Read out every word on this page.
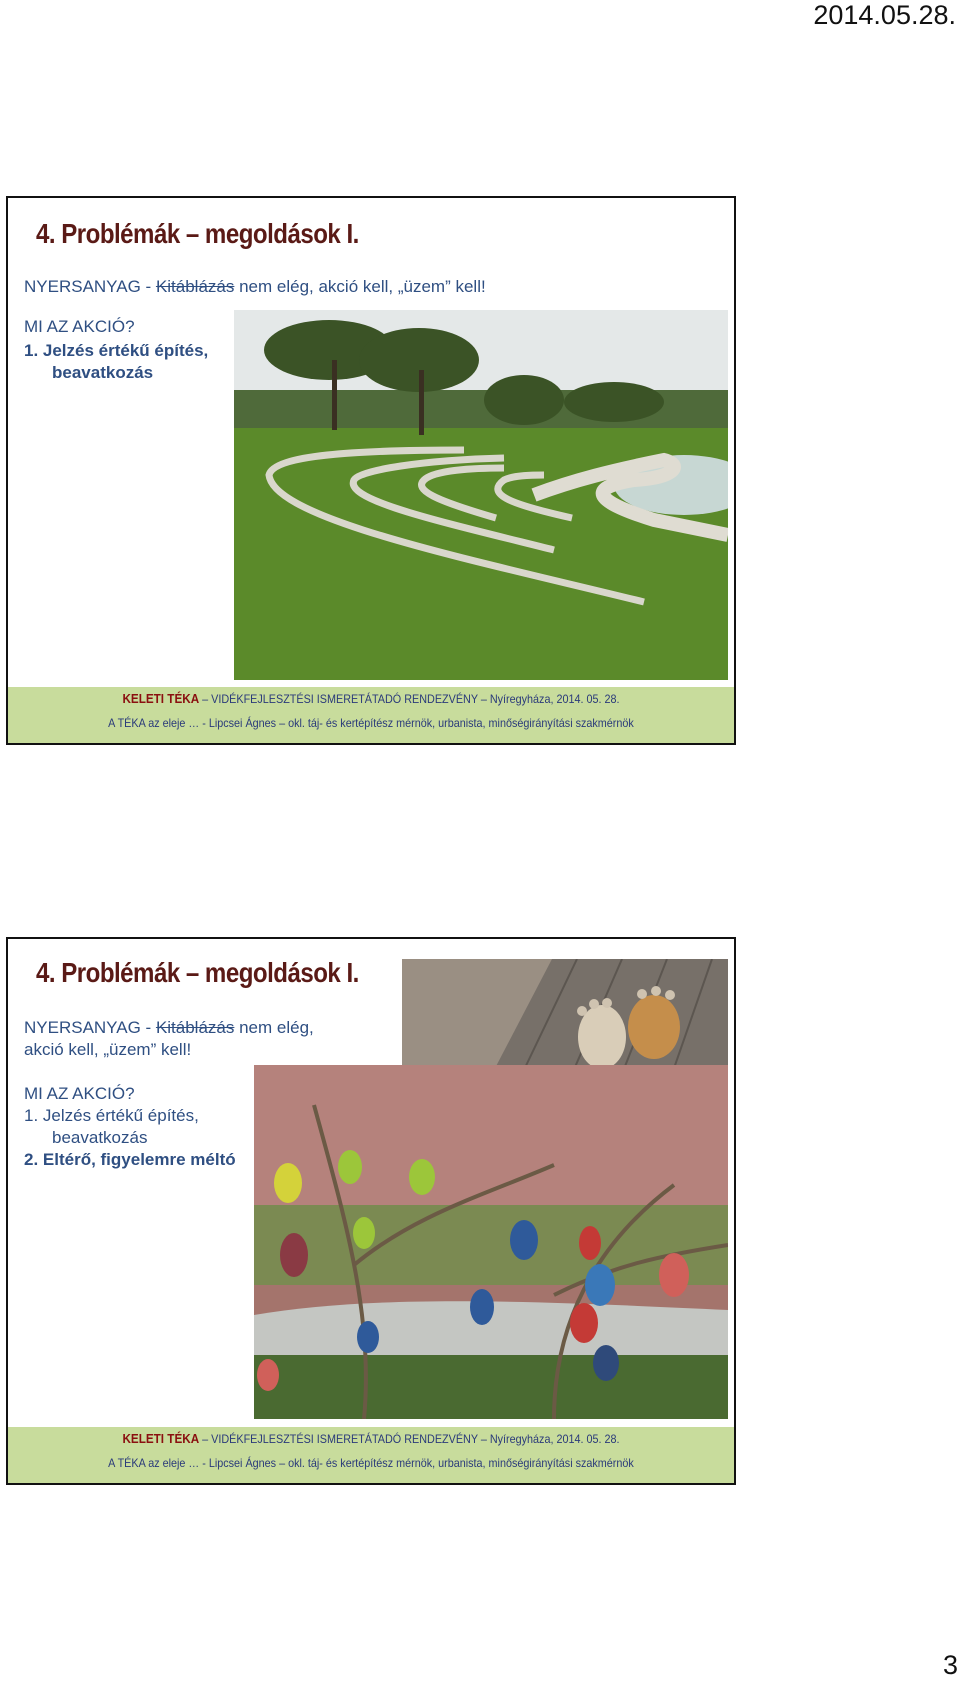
2014.05.28.
4. Problémák – megoldások I.
NYERSANYAG - Kitáblázás nem elég, akció kell, „üzem” kell!
MI AZ AKCIÓ?
1. Jelzés értékű építés,
beavatkozás
KELETI TÉKA – VIDÉKFEJLESZTÉSI ISMERETÁTADÓ RENDEZVÉNY – Nyíregyháza, 2014. 05. 28.
A TÉKA az eleje … - Lipcsei Ágnes – okl. táj- és kertépítész mérnök, urbanista, minőségirányítási szakmérnök
4. Problémák – megoldások I.
NYERSANYAG - Kitáblázás nem elég,
akció kell, „üzem” kell!
MI AZ AKCIÓ?
1. Jelzés értékű építés,
beavatkozás
2. Eltérő, figyelemre méltó
KELETI TÉKA – VIDÉKFEJLESZTÉSI ISMERETÁTADÓ RENDEZVÉNY – Nyíregyháza, 2014. 05. 28.
A TÉKA az eleje … - Lipcsei Ágnes – okl. táj- és kertépítész mérnök, urbanista, minőségirányítási szakmérnök
3
